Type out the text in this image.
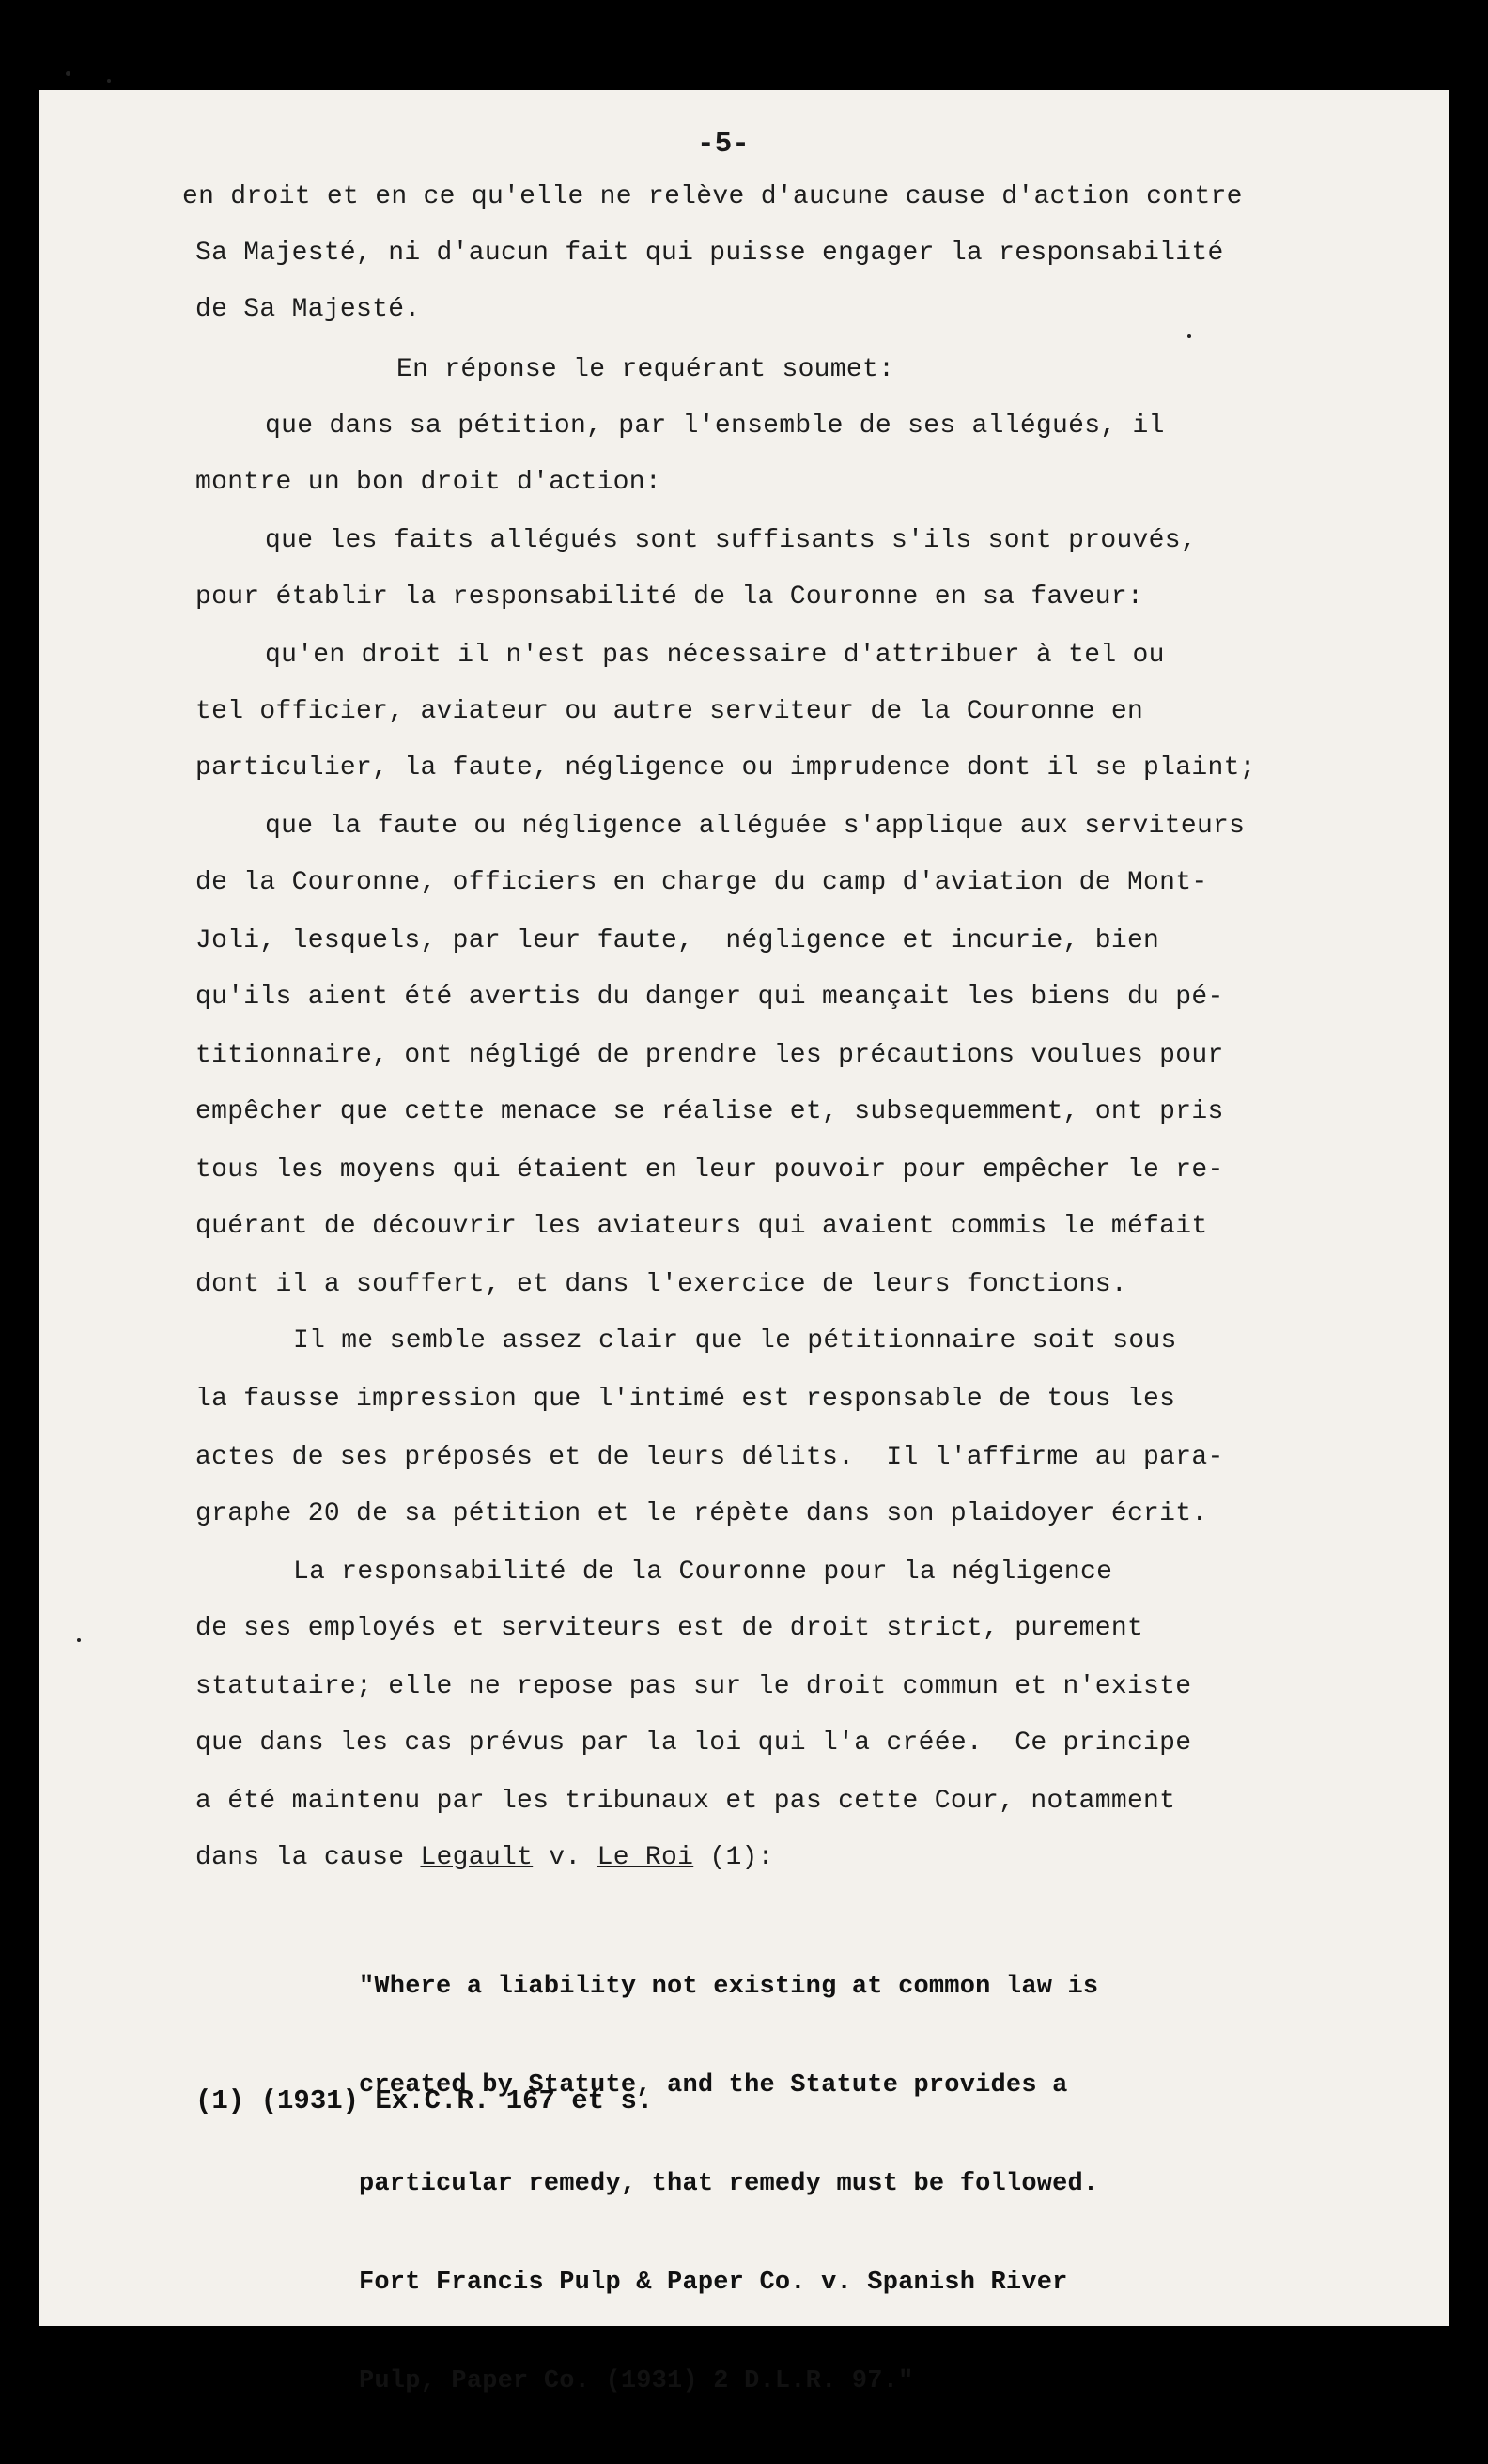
-5-
en droit et en ce qu'elle ne relève d'aucune cause d'action contre
Sa Majesté, ni d'aucun fait qui puisse engager la responsabilité
de Sa Majesté.
En réponse le requérant soumet:
que dans sa pétition, par l'ensemble de ses allégués, il
montre un bon droit d'action:
que les faits allégués sont suffisants s'ils sont prouvés,
pour établir la responsabilité de la Couronne en sa faveur:
qu'en droit il n'est pas nécessaire d'attribuer à tel ou
tel officier, aviateur ou autre serviteur de la Couronne en
particulier, la faute, négligence ou imprudence dont il se plaint;
que la faute ou négligence alléguée s'applique aux serviteurs
de la Couronne, officiers en charge du camp d'aviation de Mont-
Joli, lesquels, par leur faute,  négligence et incurie, bien
qu'ils aient été avertis du danger qui meançait les biens du pé-
titionnaire, ont négligé de prendre les précautions voulues pour
empêcher que cette menace se réalise et, subsequemment, ont pris
tous les moyens qui étaient en leur pouvoir pour empêcher le re-
quérant de découvrir les aviateurs qui avaient commis le méfait
dont il a souffert, et dans l'exercice de leurs fonctions.
Il me semble assez clair que le pétitionnaire soit sous
la fausse impression que l'intimé est responsable de tous les
actes de ses préposés et de leurs délits.  Il l'affirme au para-
graphe 20 de sa pétition et le répète dans son plaidoyer écrit.
La responsabilité de la Couronne pour la négligence
de ses employés et serviteurs est de droit strict, purement
statutaire; elle ne repose pas sur le droit commun et n'existe
que dans les cas prévus par la loi qui l'a créée.  Ce principe
a été maintenu par les tribunaux et pas cette Cour, notamment
dans la cause Legault v. Le Roi (1):

"Where a liability not existing at common law is

created by Statute, and the Statute provides a

particular remedy, that remedy must be followed.

Fort Francis Pulp & Paper Co. v. Spanish River

Pulp, Paper Co. (1931) 2 D.L.R. 97."

(1) (1931) Ex.C.R. 167 et s.
